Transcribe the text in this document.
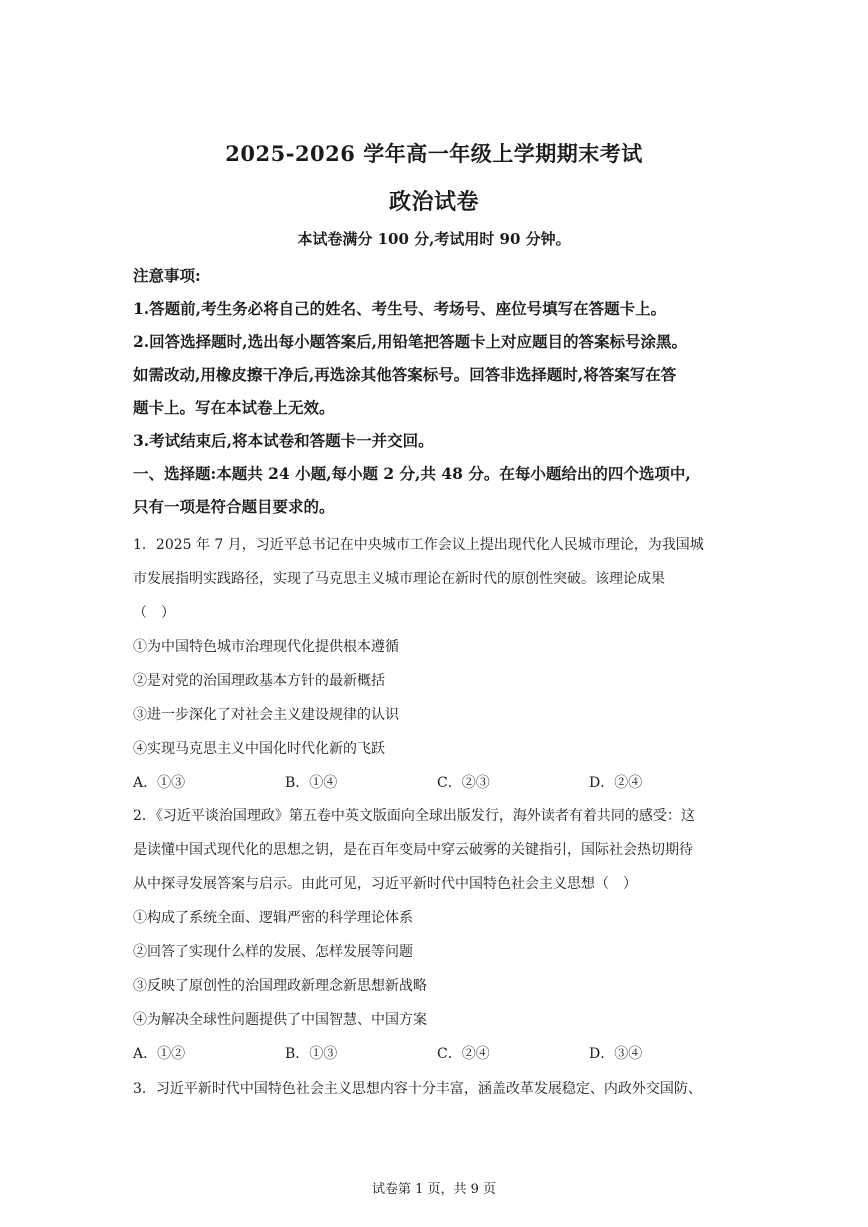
2025-2026 学年高一年级上学期期末考试
政治试卷
本试卷满分 100 分,考试用时 90 分钟。
注意事项:
1.答题前,考生务必将自己的姓名、考生号、考场号、座位号填写在答题卡上。
2.回答选择题时,选出每小题答案后,用铅笔把答题卡上对应题目的答案标号涂黑。
如需改动,用橡皮擦干净后,再选涂其他答案标号。回答非选择题时,将答案写在答
题卡上。写在本试卷上无效。
3.考试结束后,将本试卷和答题卡一并交回。
一、选择题:本题共 24 小题,每小题 2 分,共 48 分。在每小题给出的四个选项中,
只有一项是符合题目要求的。
1．2025 年 7 月，习近平总书记在中央城市工作会议上提出现代化人民城市理论，为我国城
市发展指明实践路径，实现了马克思主义城市理论在新时代的原创性突破。该理论成果
（　）
①为中国特色城市治理现代化提供根本遵循
②是对党的治国理政基本方针的最新概括
③进一步深化了对社会主义建设规律的认识
④实现马克思主义中国化时代化新的飞跃
A．①③	B．①④	C．②③	D．②④
2．《习近平谈治国理政》第五卷中英文版面向全球出版发行，海外读者有着共同的感受：这
是读懂中国式现代化的思想之钥，是在百年变局中穿云破雾的关键指引，国际社会热切期待
从中探寻发展答案与启示。由此可见，习近平新时代中国特色社会主义思想（　）
①构成了系统全面、逻辑严密的科学理论体系
②回答了实现什么样的发展、怎样发展等问题
③反映了原创性的治国理政新理念新思想新战略
④为解决全球性问题提供了中国智慧、中国方案
A．①②	B．①③	C．②④	D．③④
3．习近平新时代中国特色社会主义思想内容十分丰富，涵盖改革发展稳定、内政外交国防、
试卷第 1 页，共 9 页
